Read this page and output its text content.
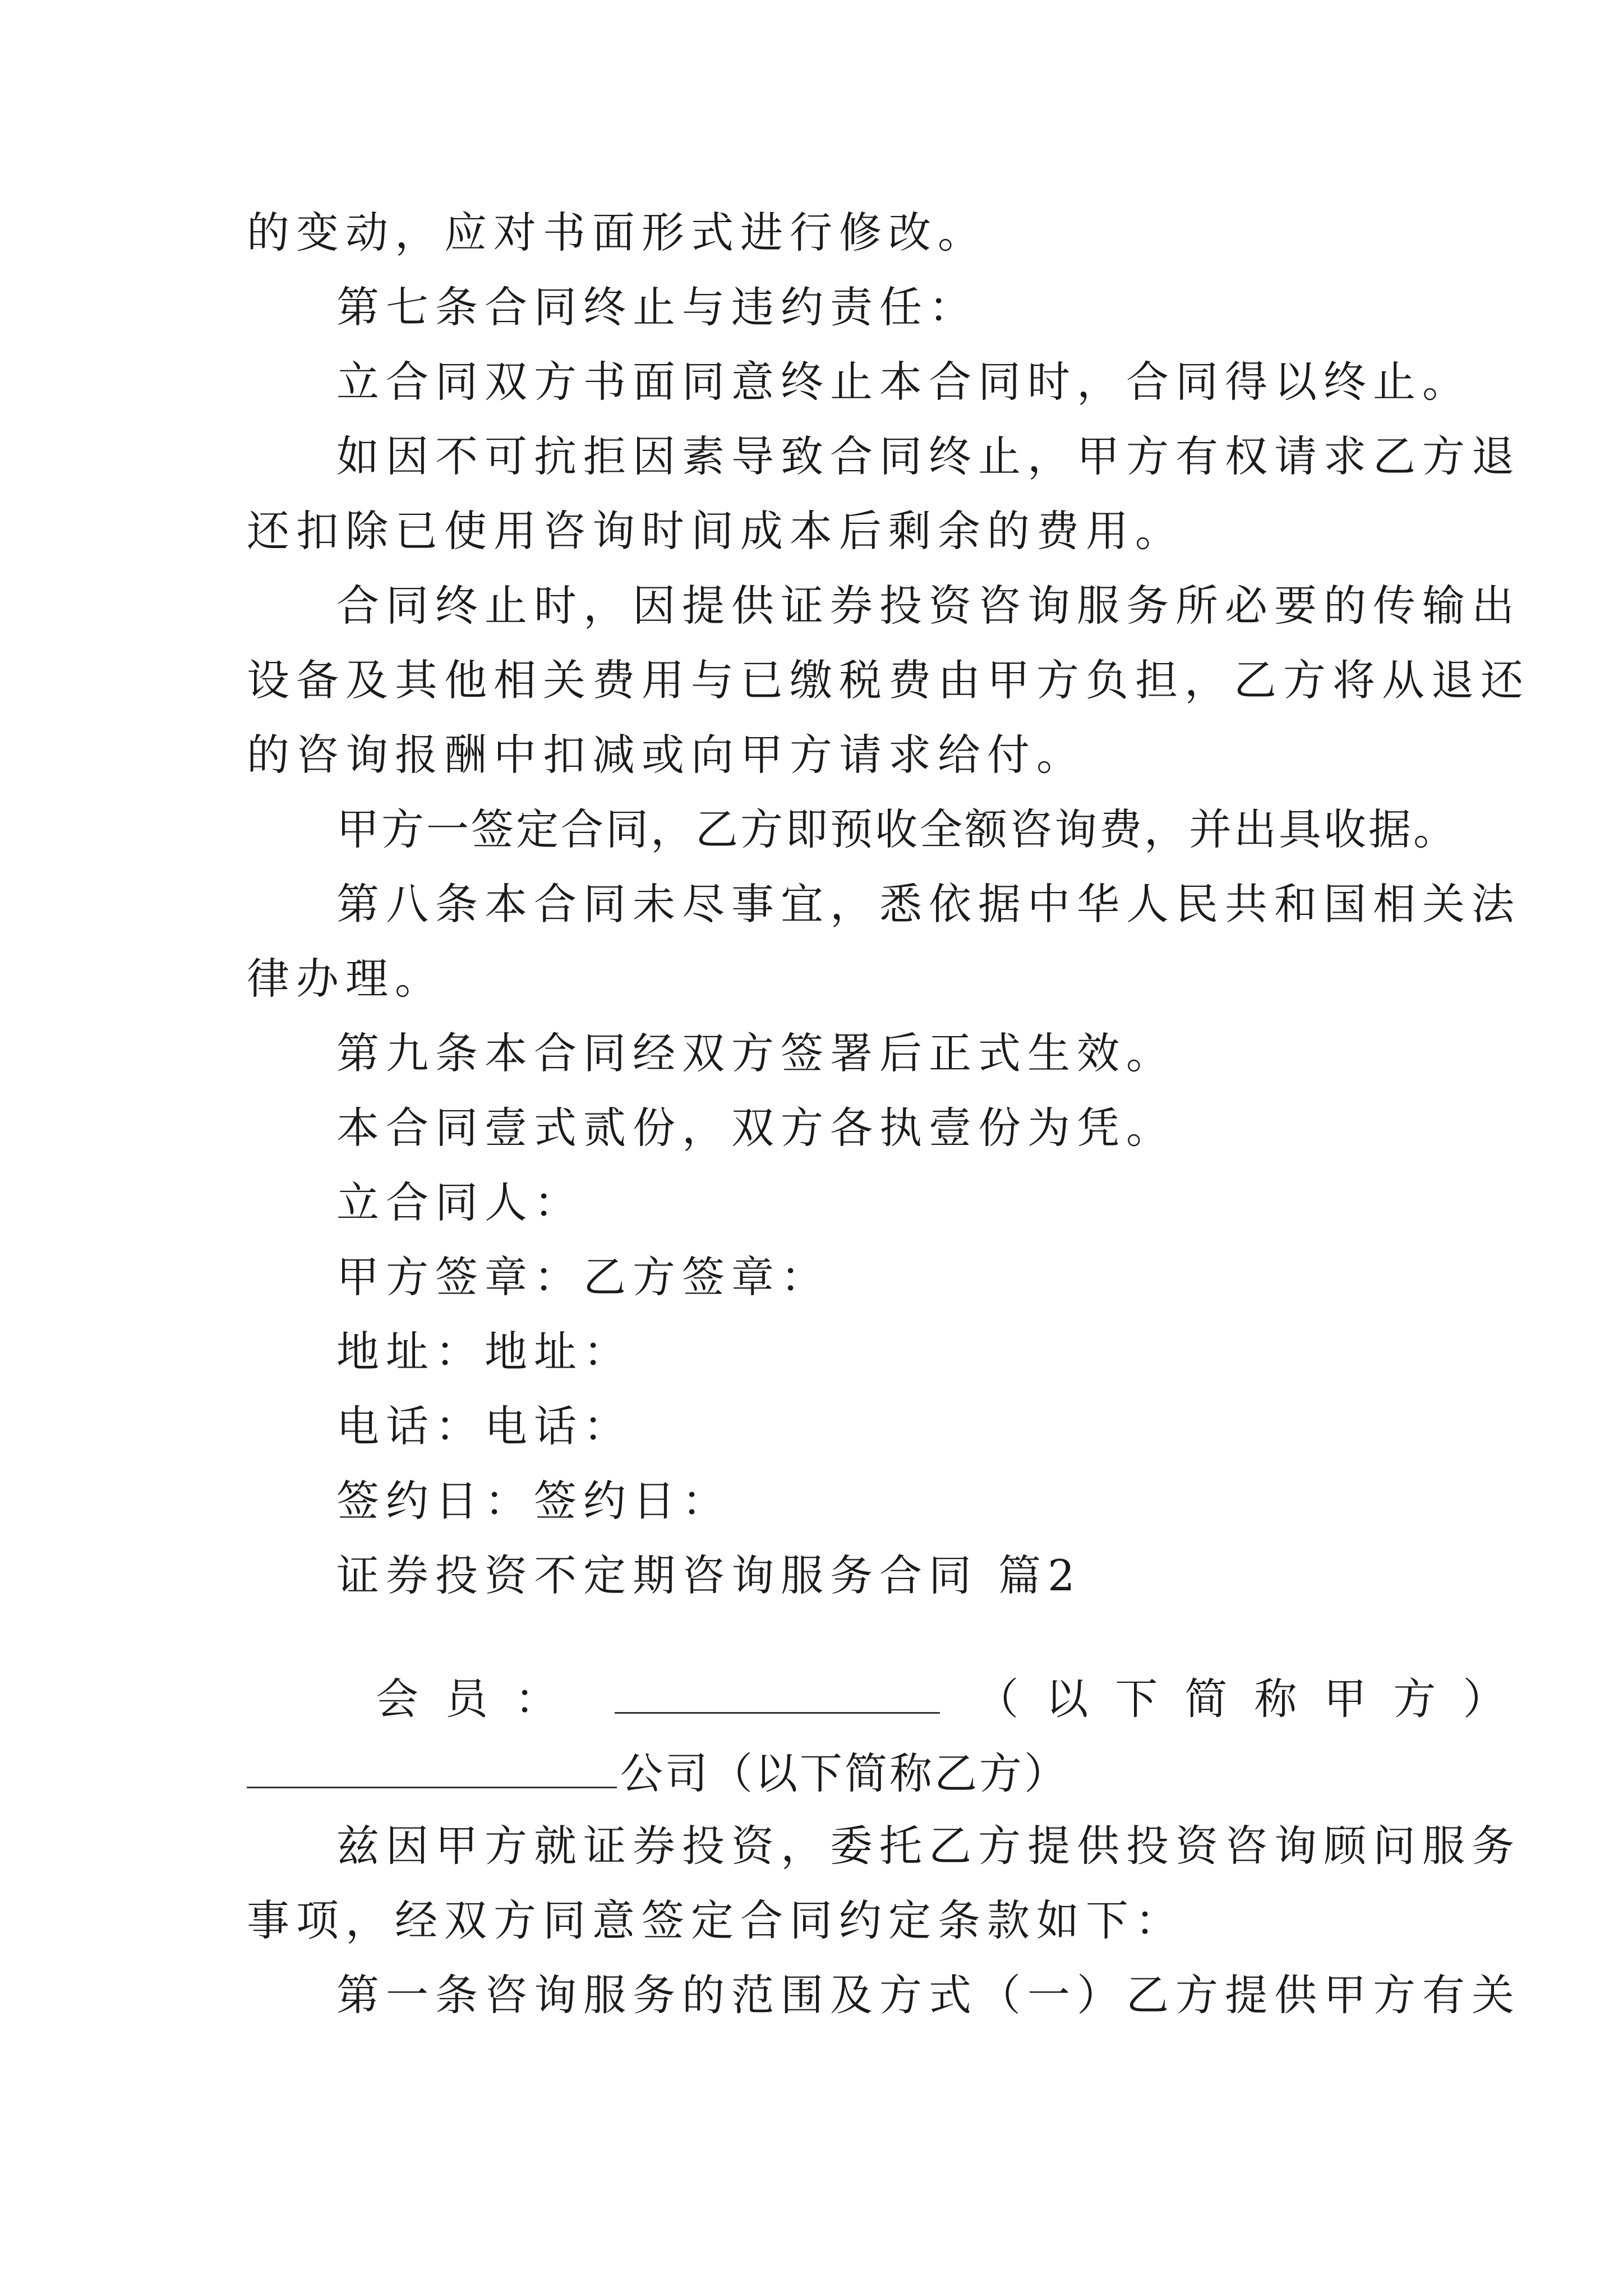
的变动，应对书面形式进行修改。
第七条合同终止与违约责任：
立合同双方书面同意终止本合同时，合同得以终止。
如因不可抗拒因素导致合同终止，甲方有权请求乙方退
还扣除已使用咨询时间成本后剩余的费用。
合同终止时，因提供证券投资咨询服务所必要的传输出
设备及其他相关费用与已缴税费由甲方负担，乙方将从退还
的咨询报酬中扣减或向甲方请求给付。
甲方一签定合同，乙方即预收全额咨询费，并出具收据。
第八条本合同未尽事宜，悉依据中华人民共和国相关法
律办理。
第九条本合同经双方签署后正式生效。
本合同壹式贰份，双方各执壹份为凭。
立合同人：
甲方签章：乙方签章：
地址：地址：
电话：电话：
签约日：签约日：
证券投资不定期咨询服务合同 篇2
会员：	（以下简称甲方）
公司（以下简称乙方）
兹因甲方就证券投资，委托乙方提供投资咨询顾问服务
事项，经双方同意签定合同约定条款如下：
第一条咨询服务的范围及方式（一）乙方提供甲方有关
